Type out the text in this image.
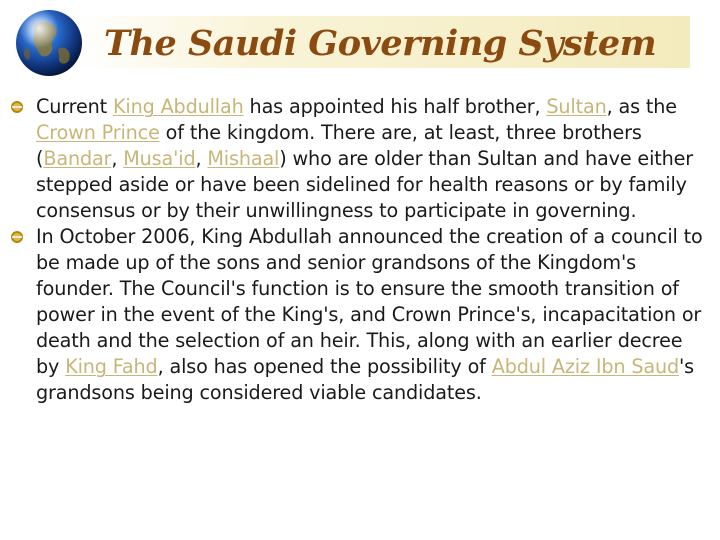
The Saudi Governing System
Current King Abdullah has appointed his half brother, Sultan, as the Crown Prince of the kingdom. There are, at least, three brothers (Bandar, Musa'id, Mishaal) who are older than Sultan and have either stepped aside or have been sidelined for health reasons or by family consensus or by their unwillingness to participate in governing.
In October 2006, King Abdullah announced the creation of a council to be made up of the sons and senior grandsons of the Kingdom's founder. The Council's function is to ensure the smooth transition of power in the event of the King's, and Crown Prince's, incapacitation or death and the selection of an heir. This, along with an earlier decree by King Fahd, also has opened the possibility of Abdul Aziz Ibn Saud's grandsons being considered viable candidates.
